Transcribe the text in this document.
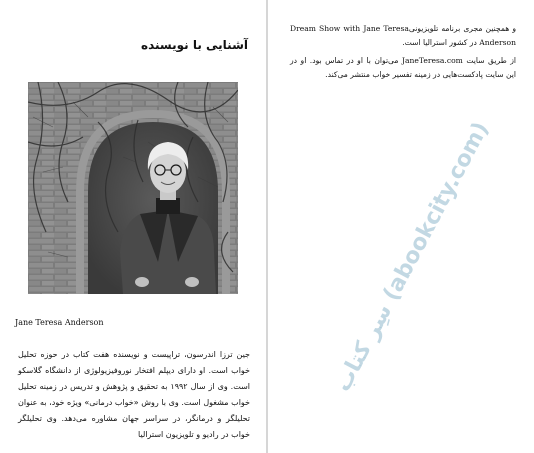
آشنایی با نویسنده
Jane Teresa Anderson
جین ترزا اندرسون، تراپیست و نویسنده هفت کتاب در حوزه تحلیل خواب است. او دارای دیپلم افتخار نوروفیزیولوژی از دانشگاه گلاسکو است. وی از سال ۱۹۹۲ به تحقیق و پژوهش و تدریس در زمینه تحلیل خواب مشغول است. وی با روش «خواب درمانی» ویژه خود، به عنوان تحلیلگر و درمانگر، در سراسر جهان مشاوره می‌دهد. وی تحلیلگر خواب در رادیو و تلویزیون استرالیا

و همچنین مجری برنامه تلویزیونیDream Show with Jane Teresa Anderson در کشور استرالیا است.

از طریق سایت JaneTeresa.com می‌توان با او در تماس بود. او در این سایت پادکست‌هایی در زمینه تفسیر خواب منتشر می‌کند.

سِر کتاب (abookcity.com)
